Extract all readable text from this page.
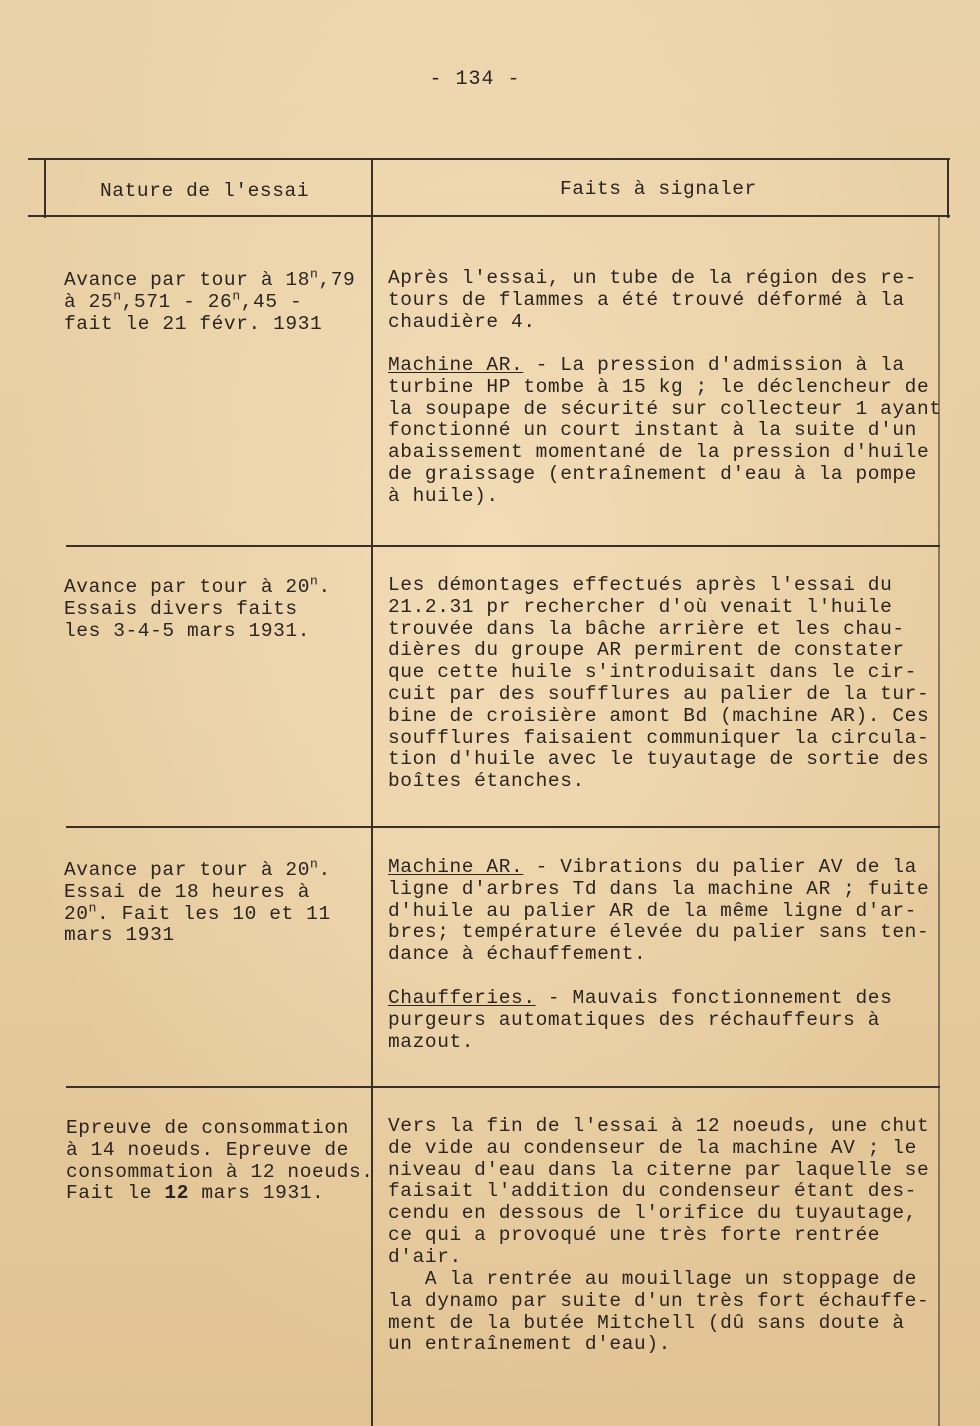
- 134 -
Nature de l'essai	Faits à signaler
Avance par tour à 18$^n$,79
à 25$^n$,571 - 26$^n$,45 -
fait le 21 févr. 1931
Après l'essai, un tube de la région des re-
tours de flammes a été trouvé déformé à la
chaudière 4.
Machine AR. - La pression d'admission à la
turbine HP tombe à 15 kg ; le déclencheur de
la soupape de sécurité sur collecteur 1 ayant
fonctionné un court instant à la suite d'un
abaissement momentané de la pression d'huile
de graissage (entraînement d'eau à la pompe
à huile).
Avance par tour à 20$^n$.
Essais divers faits
les 3-4-5 mars 1931.
Les démontages effectués après l'essai du
21.2.31 pr rechercher d'où venait l'huile
trouvée dans la bâche arrière et les chau-
dières du groupe AR permirent de constater
que cette huile s'introduisait dans le cir-
cuit par des soufflures au palier de la tur-
bine de croisière amont Bd (machine AR). Ces
soufflures faisaient communiquer la circula-
tion d'huile avec le tuyautage de sortie des
boîtes étanches.
Avance par tour à 20$^n$.
Essai de 18 heures à
20$^n$. Fait les 10 et 11
mars 1931
Machine AR. - Vibrations du palier AV de la
ligne d'arbres Td dans la machine AR ; fuite
d'huile au palier AR de la même ligne d'ar-
bres; température élevée du palier sans ten-
dance à échauffement.
Chaufferies. - Mauvais fonctionnement des
purgeurs automatiques des réchauffeurs à
mazout.
Epreuve de consommation
à 14 noeuds. Epreuve de
consommation à 12 noeuds.
Fait le 12 mars 1931.
Vers la fin de l'essai à 12 noeuds, une chut
de vide au condenseur de la machine AV ; le
niveau d'eau dans la citerne par laquelle se
faisait l'addition du condenseur étant des-
cendu en dessous de l'orifice du tuyautage,
ce qui a provoqué une très forte rentrée
d'air.
A la rentrée au mouillage un stoppage de
la dynamo par suite d'un très fort échauffe-
ment de la butée Mitchell (dû sans doute à
un entraînement d'eau).
